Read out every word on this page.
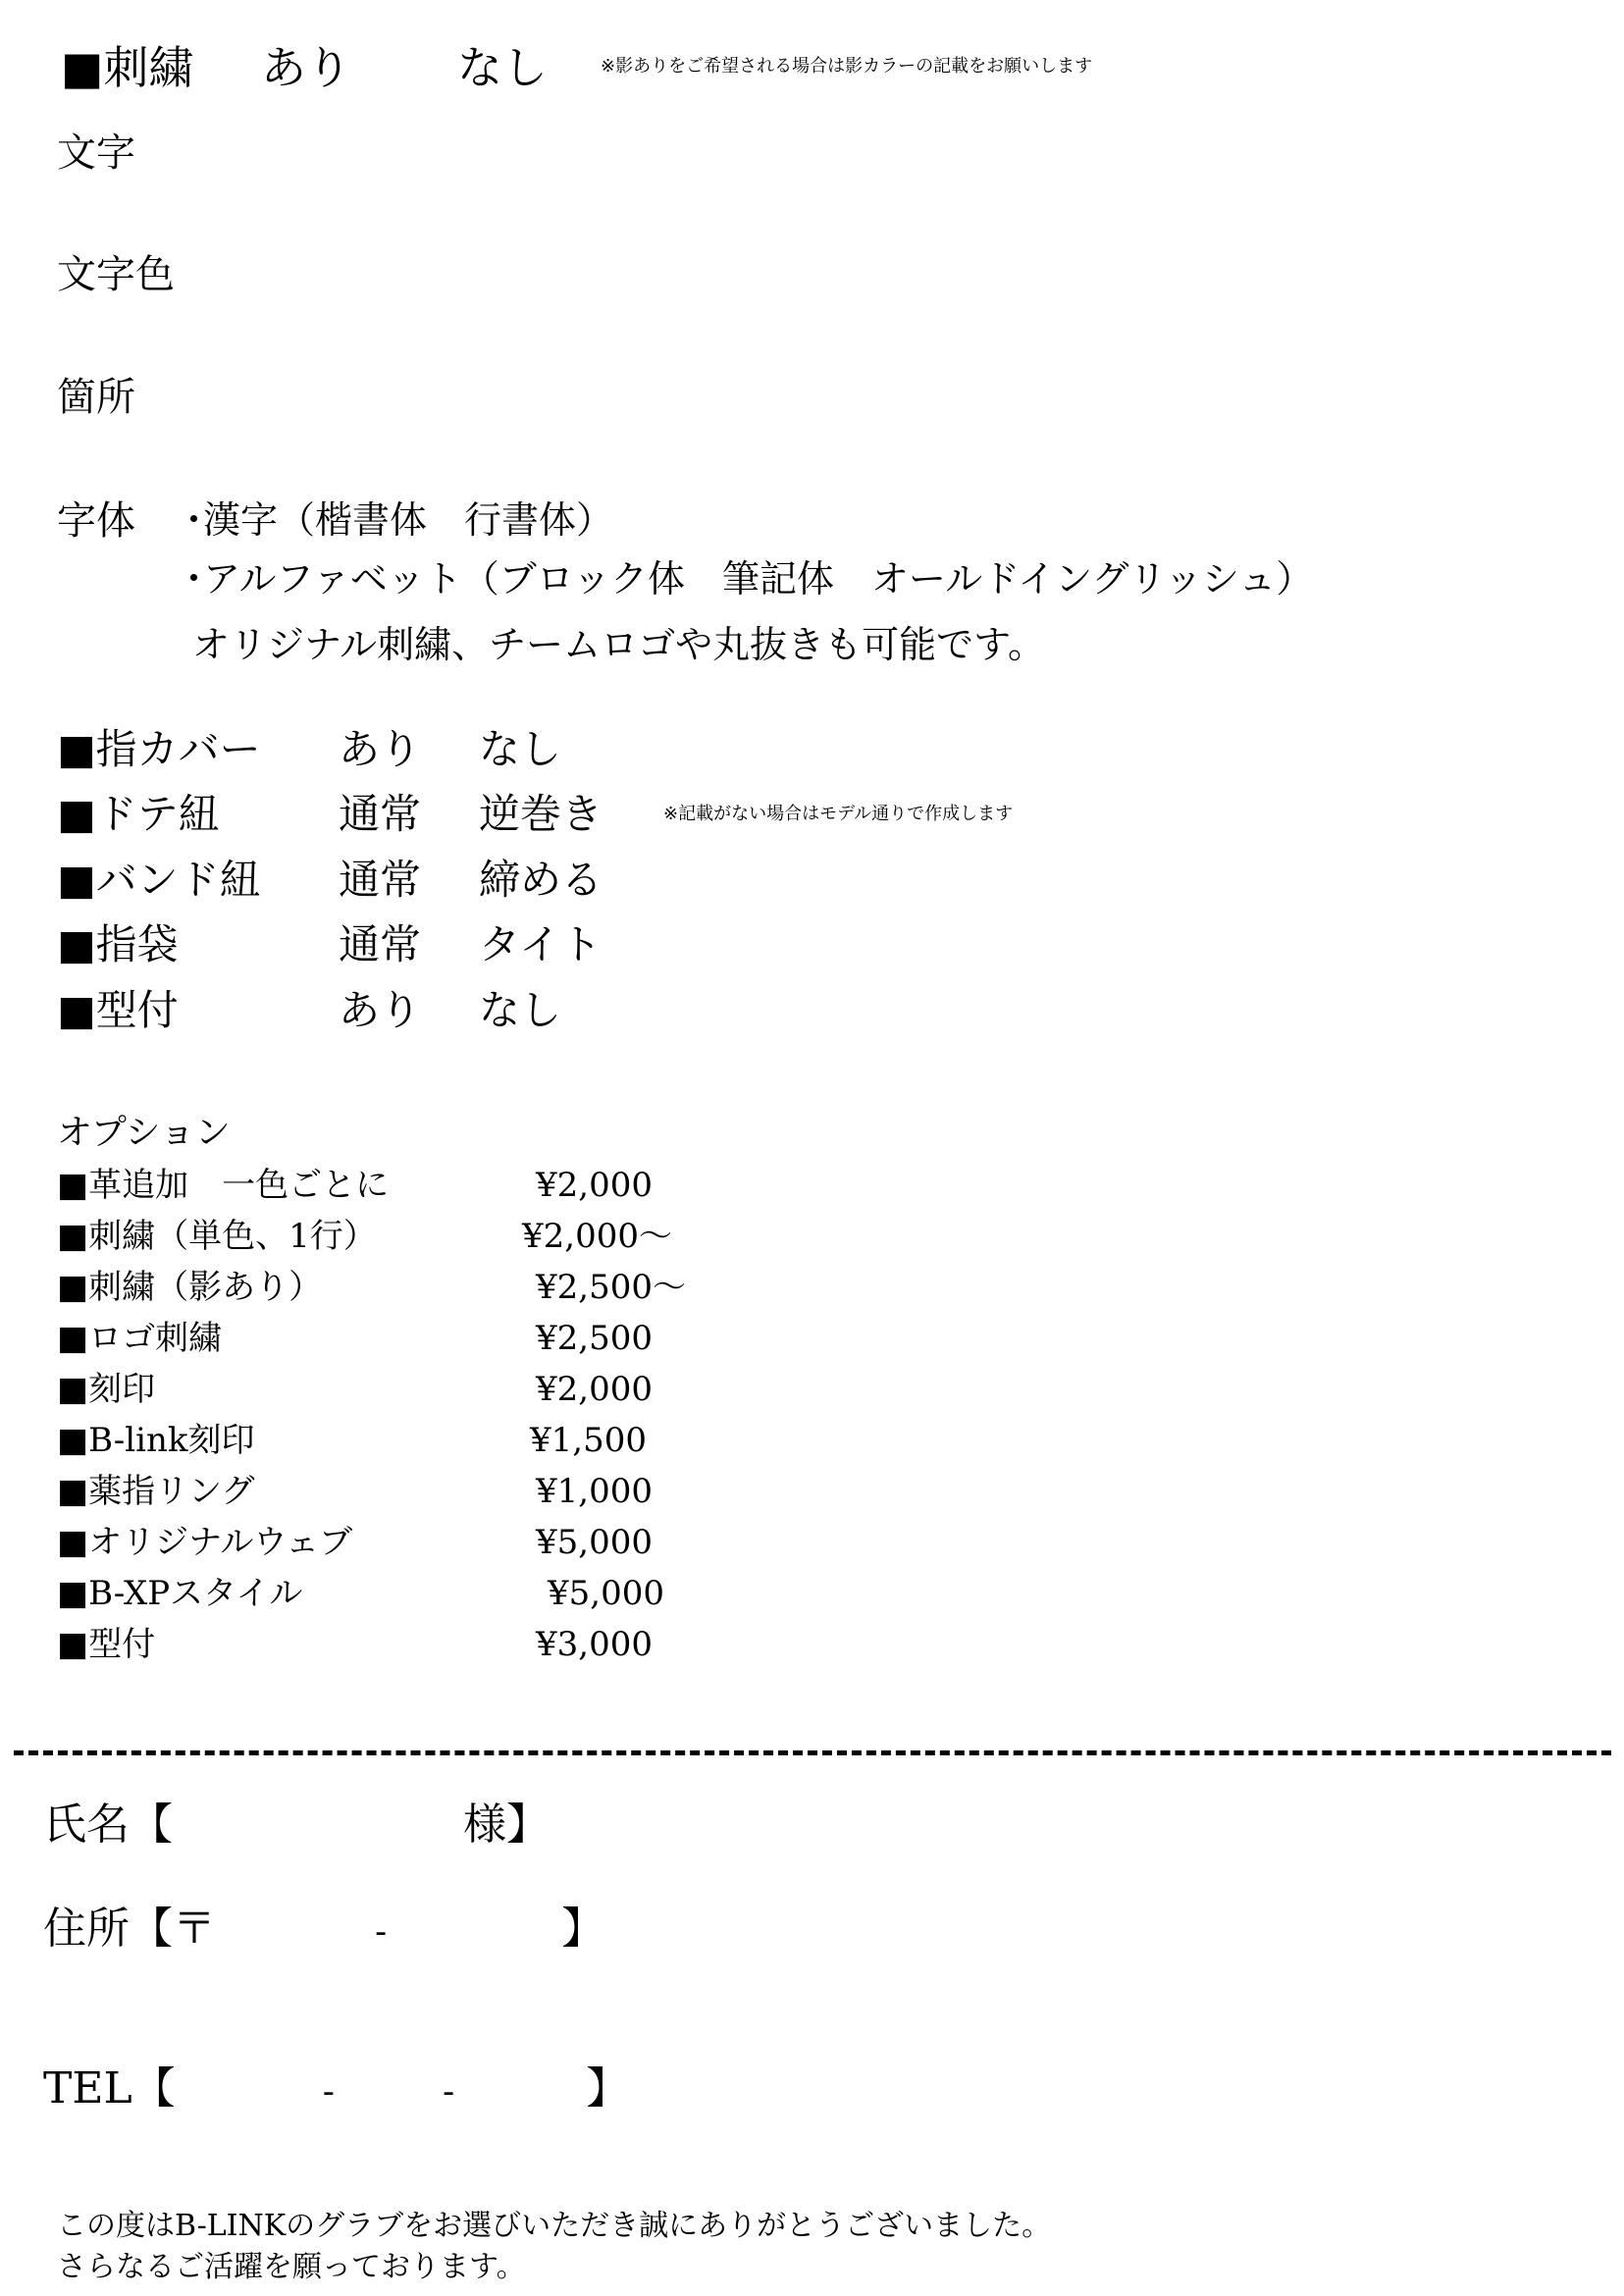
■刺繍 あり なし	※影ありをご希望される場合は影カラーの記載をお願いします
文字
文字色
箇所
字体 ･漢字（楷書体　行書体）
･アルファベット（ブロック体　筆記体　オールドイングリッシュ）
オリジナル刺繍、チームロゴや丸抜きも可能です。
■指カバー あり なし
■ドテ紐	通常 逆巻き	※記載がない場合はモデル通りで作成します
■バンド紐 通常 締める
■指袋	通常 タイト
■型付	あり なし
オプション
■革追加　一色ごとに	¥2,000
■刺繍（単色、1行）	¥2,000～
■刺繍（影あり）	¥2,500～
■ロゴ刺繍	¥2,500
■刻印	¥2,000
■B-link刻印	¥1,500
■薬指リング	¥1,000
■オリジナルウェブ	¥5,000
■B-XPスタイル	¥5,000
■型付	¥3,000
氏名【	様】
住所【〒	-	】
TEL【	-	-	】
この度はB-LINKのグラブをお選びいただき誠にありがとうございました。
さらなるご活躍を願っております。
